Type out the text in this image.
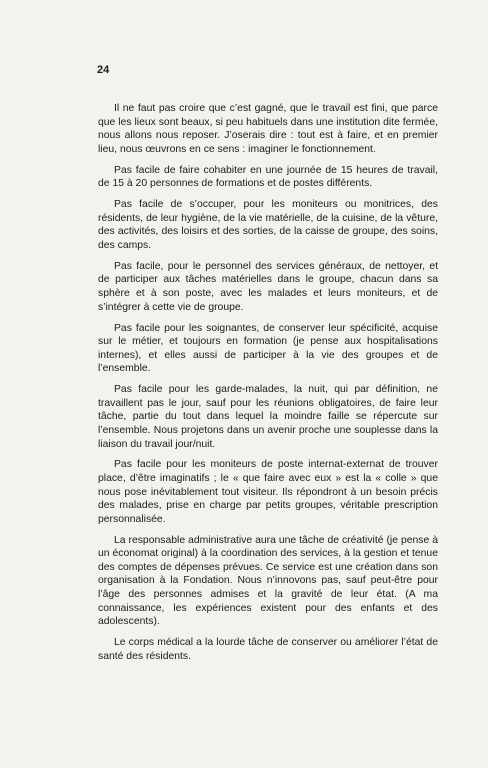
24

Il ne faut pas croire que c’est gagné, que le travail est fini, que parce que les lieux sont beaux, si peu habituels dans une institution dite fermée, nous allons nous reposer. J’oserais dire : tout est à faire, et en premier lieu, nous œuvrons en ce sens : imaginer le fonctionnement.

Pas facile de faire cohabiter en une journée de 15 heures de travail, de 15 à 20 personnes de formations et de postes différents.

Pas facile de s’occuper, pour les moniteurs ou monitrices, des résidents, de leur hygiène, de la vie matérielle, de la cuisine, de la vêture, des activités, des loisirs et des sorties, de la caisse de groupe, des soins, des camps.

Pas facile, pour le personnel des services généraux, de nettoyer, et de participer aux tâches matérielles dans le groupe, chacun dans sa sphère et à son poste, avec les malades et leurs moniteurs, et de s’intégrer à cette vie de groupe.

Pas facile pour les soignantes, de conserver leur spécificité, acquise sur le métier, et toujours en formation (je pense aux hospitalisations internes), et elles aussi de participer à la vie des groupes et de l’ensemble.

Pas facile pour les garde-malades, la nuit, qui par définition, ne travaillent pas le jour, sauf pour les réunions obligatoires, de faire leur tâche, partie du tout dans lequel la moindre faille se répercute sur l’ensemble. Nous projetons dans un avenir proche une souplesse dans la liaison du travail jour/nuit.

Pas facile pour les moniteurs de poste internat-externat de trouver place, d’être imaginatifs ; le « que faire avec eux » est la « colle » que nous pose inévitablement tout visiteur. Ils répondront à un besoin précis des malades, prise en charge par petits groupes, véritable prescription personnalisée.

La responsable administrative aura une tâche de créativité (je pense à un économat original) à la coordination des services, à la gestion et tenue des comptes de dépenses prévues. Ce service est une création dans son organisation à la Fondation. Nous n’innovons pas, sauf peut-être pour l’âge des personnes admises et la gravité de leur état. (A ma connaissance, les expériences existent pour des enfants et des adolescents).

Le corps médical a la lourde tâche de conserver ou améliorer l’état de santé des résidents.
